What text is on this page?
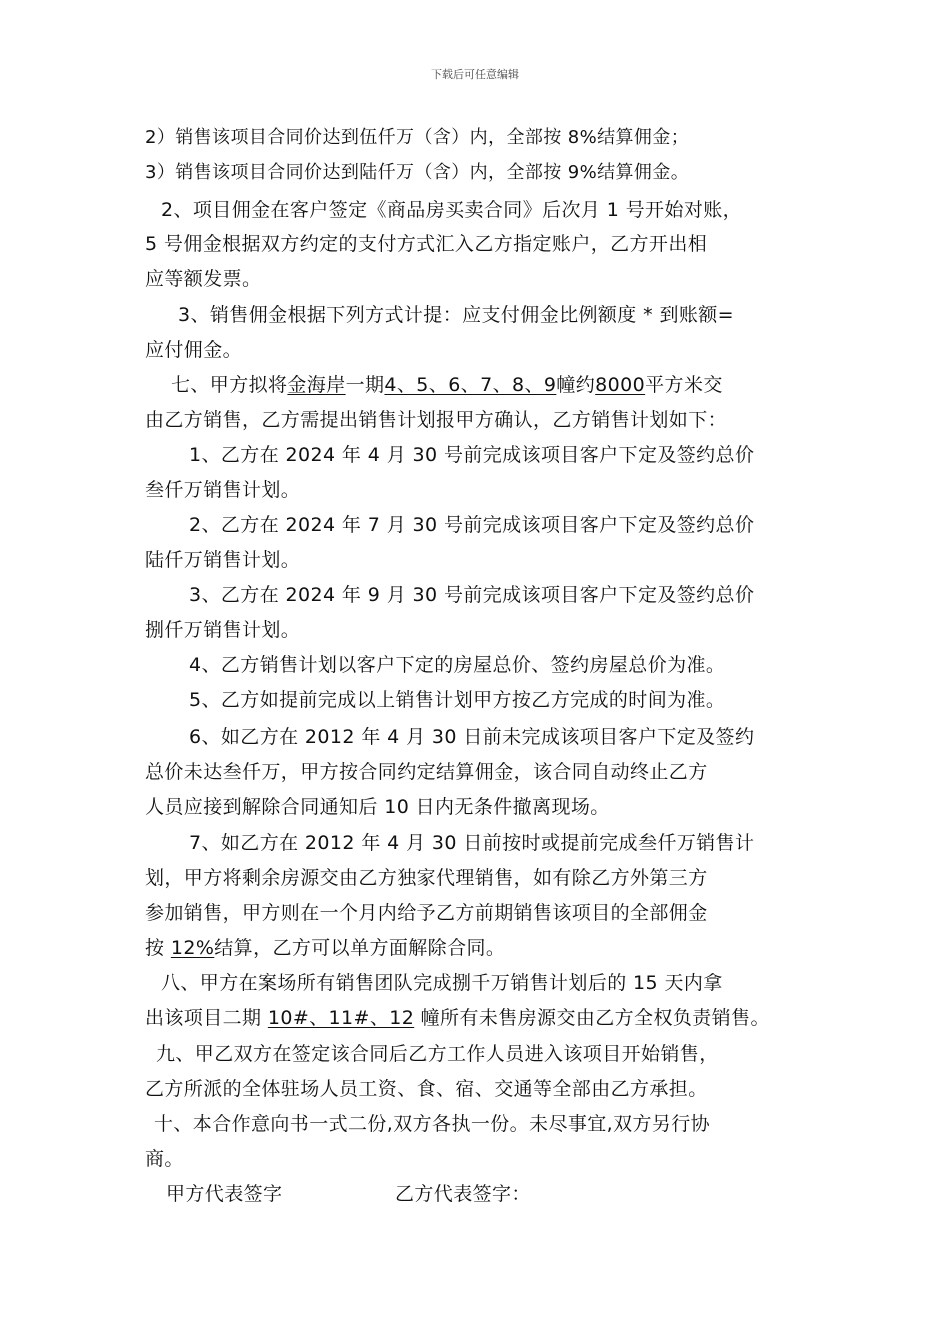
下载后可任意编辑
2）销售该项目合同价达到伍仟万（含）内，全部按 8%结算佣金；
3）销售该项目合同价达到陆仟万（含）内，全部按 9%结算佣金。
2、项目佣金在客户签定《商品房买卖合同》后次月 1 号开始对账，
5 号佣金根据双方约定的支付方式汇入乙方指定账户，乙方开出相
应等额发票。
3、销售佣金根据下列方式计提：应支付佣金比例额度 * 到账额=
应付佣金。
七、甲方拟将金海岸一期4、5、6、7、8、9幢约8000平方米交
由乙方销售，乙方需提出销售计划报甲方确认，乙方销售计划如下：
1、乙方在 2024 年 4 月 30 号前完成该项目客户下定及签约总价
叁仟万销售计划。
2、乙方在 2024 年 7 月 30 号前完成该项目客户下定及签约总价
陆仟万销售计划。
3、乙方在 2024 年 9 月 30 号前完成该项目客户下定及签约总价
捌仟万销售计划。
4、乙方销售计划以客户下定的房屋总价、签约房屋总价为准。
5、乙方如提前完成以上销售计划甲方按乙方完成的时间为准。
6、如乙方在 2012 年 4 月 30 日前未完成该项目客户下定及签约
总价未达叁仟万，甲方按合同约定结算佣金，该合同自动终止乙方
人员应接到解除合同通知后 10 日内无条件撤离现场。
7、如乙方在 2012 年 4 月 30 日前按时或提前完成叁仟万销售计
划，甲方将剩余房源交由乙方独家代理销售，如有除乙方外第三方
参加销售，甲方则在一个月内给予乙方前期销售该项目的全部佣金
按 12%结算，乙方可以单方面解除合同。
八、甲方在案场所有销售团队完成捌千万销售计划后的 15 天内拿
出该项目二期 10#、11#、12 幢所有未售房源交由乙方全权负责销售。
九、甲乙双方在签定该合同后乙方工作人员进入该项目开始销售，
乙方所派的全体驻场人员工资、食、宿、交通等全部由乙方承担。
十、本合作意向书一式二份,双方各执一份。未尽事宜,双方另行协
商。
甲方代表签字	乙方代表签字：
